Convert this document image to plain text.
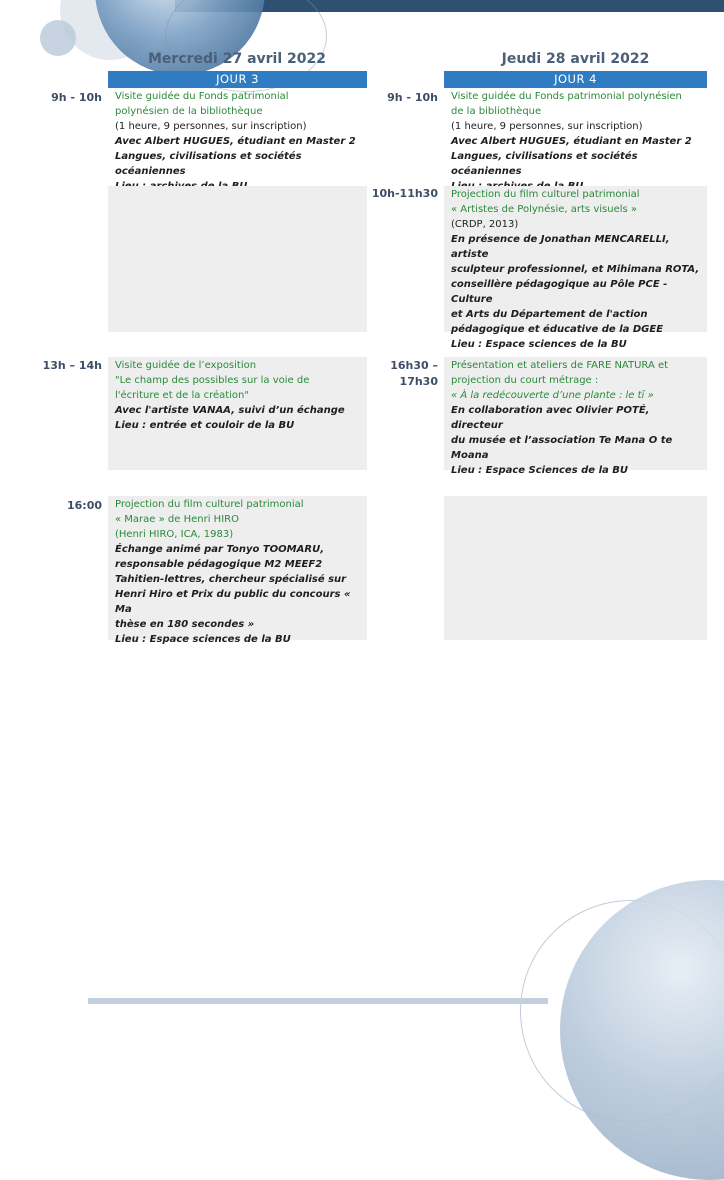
Mercredi 27 avril 2022
JOUR 3
Jeudi 28 avril 2022
JOUR 4
9h - 10h
13h – 14h
16:00
9h - 10h
10h-11h30
16h30 –
17h30

Visite guidée du Fonds patrimonial

polynésien de la bibliothèque

(1 heure, 9 personnes, sur inscription)

Avec Albert HUGUES, étudiant en Master 2

Langues, civilisations et sociétés océaniennes

Visite guidée de l’exposition

"Le champ des possibles sur la voie de

l'écriture et de la création"

Avec l'artiste VANAA, suivi d’un échange

Lieu : entrée et couloir de la BU

Projection du film culturel patrimonial

« Marae » de Henri HIRO

(Henri HIRO, ICA, 1983)

Échange animé par Tonyo TOOMARU,

responsable pédagogique M2 MEEF2

Tahitien-lettres, chercheur spécialisé sur

Henri Hiro et Prix du public du concours « Ma

thèse en 180 secondes »

Lieu : Espace sciences de la BU

Visite guidée du Fonds patrimonial polynésien

de la bibliothèque

(1 heure, 9 personnes, sur inscription)

Avec Albert HUGUES, étudiant en Master 2

Langues, civilisations et sociétés océaniennes

Projection du film culturel patrimonial

« Artistes de Polynésie, arts visuels »

(CRDP, 2013)

En présence de Jonathan MENCARELLI, artiste

sculpteur professionnel, et Mihimana ROTA,

conseillère pédagogique au Pôle PCE - Culture

et Arts du Département de l'action

pédagogique et éducative de la DGEE

Lieu : Espace sciences de la BU

Présentation et ateliers de FARE NATURA et

projection du court métrage :

« À la redécouverte d’une plante : le tī »

En collaboration avec Olivier POTÉ, directeur

du musée et l’association Te Mana O te

Moana

Lieu : Espace Sciences de la BU
